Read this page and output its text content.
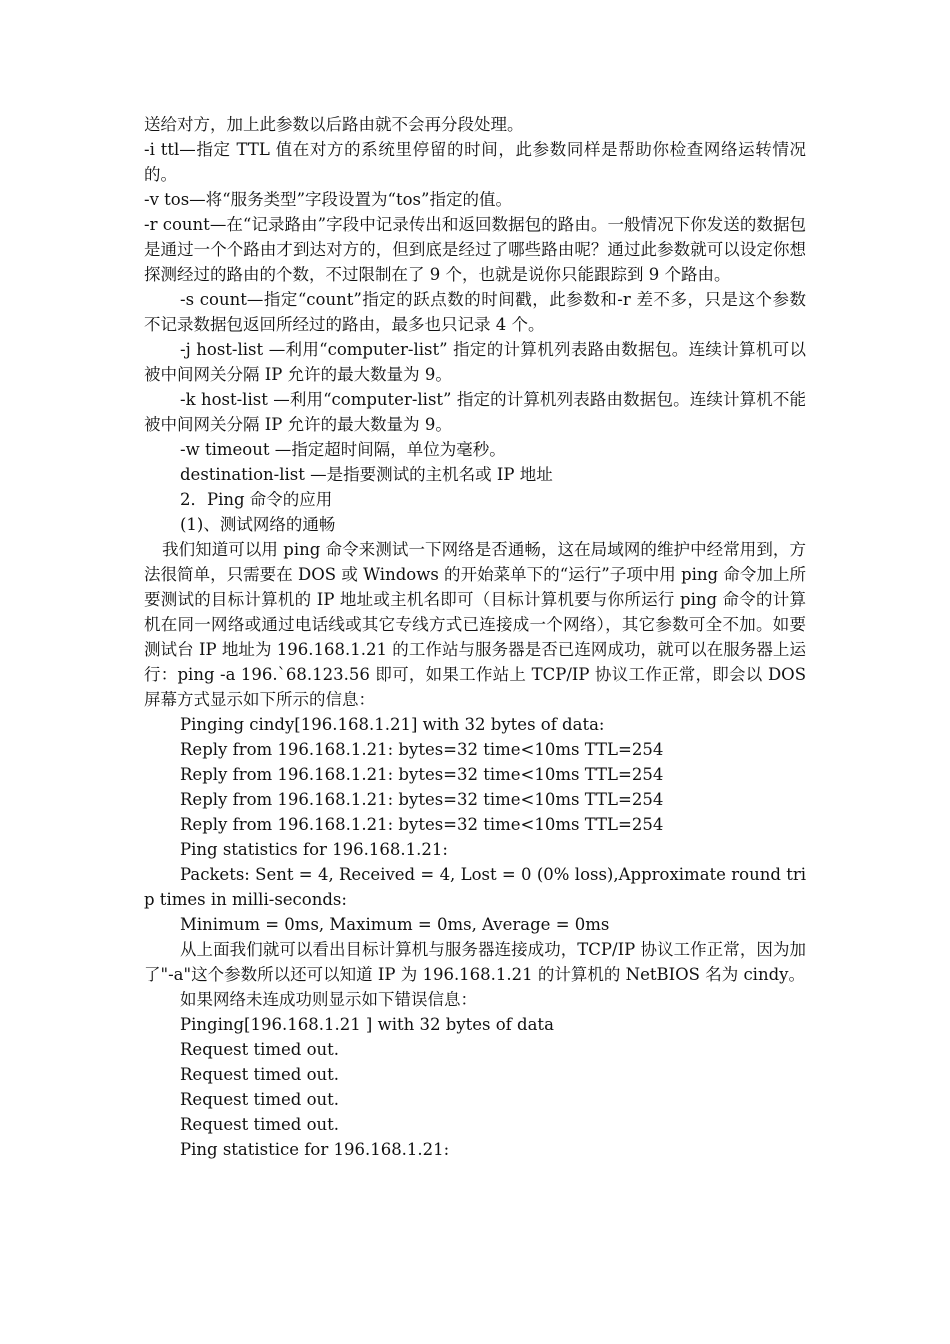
送给对方，加上此参数以后路由就不会再分段处理。

-i ttl—指定 TTL 值在对方的系统里停留的时间，此参数同样是帮助你检查网络运转情况的。

-v tos—将“服务类型”字段设置为“tos”指定的值。

-r count—在“记录路由”字段中记录传出和返回数据包的路由。一般情况下你发送的数据包是通过一个个路由才到达对方的，但到底是经过了哪些路由呢？通过此参数就可以设定你想探测经过的路由的个数，不过限制在了 9 个，也就是说你只能跟踪到 9 个路由。

-s count—指定“count”指定的跃点数的时间戳，此参数和-r 差不多，只是这个参数不记录数据包返回所经过的路由，最多也只记录 4 个。

-j host-list —利用“computer-list” 指定的计算机列表路由数据包。连续计算机可以被中间网关分隔 IP 允许的最大数量为 9。

-k host-list —利用“computer-list” 指定的计算机列表路由数据包。连续计算机不能被中间网关分隔 IP 允许的最大数量为 9。

-w timeout —指定超时间隔，单位为毫秒。

destination-list —是指要测试的主机名或 IP 地址

2．Ping 命令的应用

(1)、测试网络的通畅

我们知道可以用 ping 命令来测试一下网络是否通畅，这在局域网的维护中经常用到，方法很简单，只需要在 DOS 或 Windows 的开始菜单下的“运行”子项中用 ping 命令加上所要测试的目标计算机的 IP 地址或主机名即可（目标计算机要与你所运行 ping 命令的计算机在同一网络或通过电话线或其它专线方式已连接成一个网络），其它参数可全不加。如要测试台 IP 地址为 196.168.1.21 的工作站与服务器是否已连网成功，就可以在服务器上运行：ping -a 196.`68.123.56 即可，如果工作站上 TCP/IP 协议工作正常，即会以 DOS 屏幕方式显示如下所示的信息：

Pinging cindy[196.168.1.21] with 32 bytes of data:

Reply from 196.168.1.21: bytes=32 time<10ms TTL=254

Reply from 196.168.1.21: bytes=32 time<10ms TTL=254

Reply from 196.168.1.21: bytes=32 time<10ms TTL=254

Reply from 196.168.1.21: bytes=32 time<10ms TTL=254

Ping statistics for 196.168.1.21:

Packets: Sent = 4, Received = 4, Lost = 0 (0% loss),Approximate round trip times in milli-seconds:

Minimum = 0ms, Maximum = 0ms, Average = 0ms

从上面我们就可以看出目标计算机与服务器连接成功，TCP/IP 协议工作正常，因为加了"-a"这个参数所以还可以知道 IP 为 196.168.1.21 的计算机的 NetBIOS 名为 cindy。

如果网络未连成功则显示如下错误信息：

Pinging[196.168.1.21 ] with 32 bytes of data

Request timed out.

Request timed out.

Request timed out.

Request timed out.

Ping statistice for 196.168.1.21:
